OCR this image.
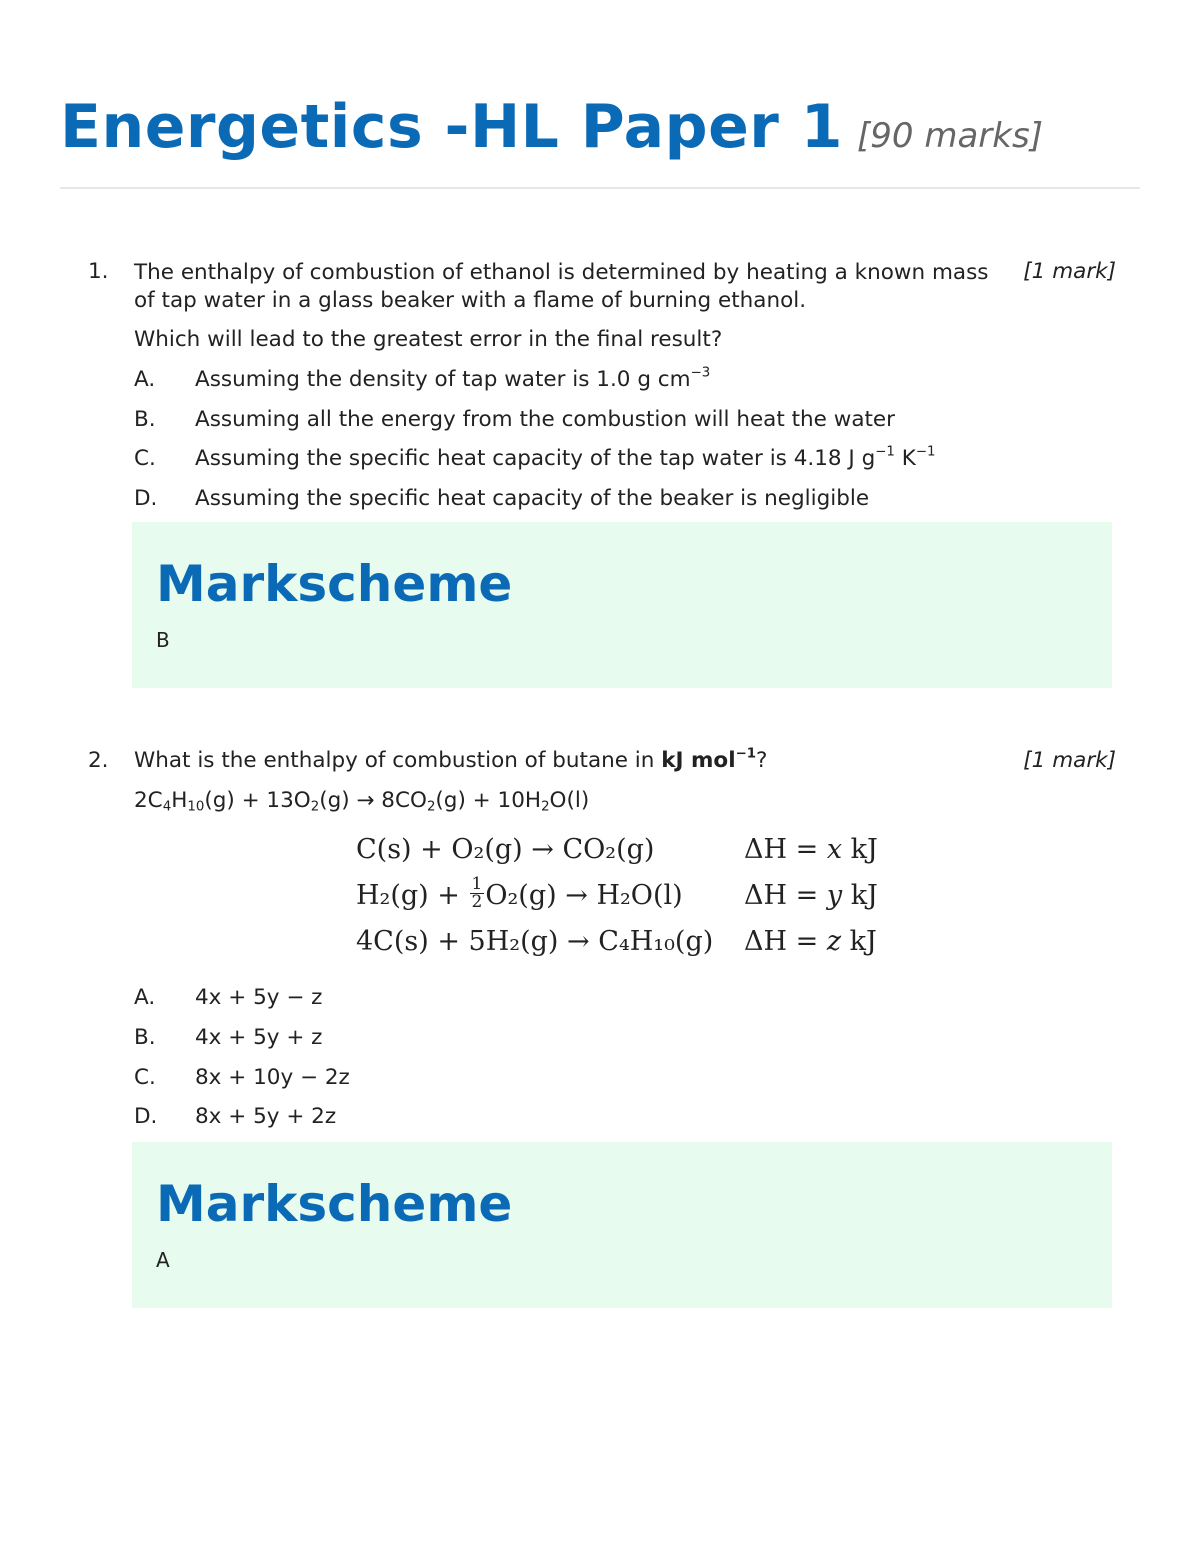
Energetics -HL Paper 1 [90 marks]
1. The enthalpy of combustion of ethanol is determined by heating a known mass of tap water in a glass beaker with a flame of burning ethanol.
[1 mark]
Which will lead to the greatest error in the final result?
A. Assuming the density of tap water is 1.0 g $cm^{-3}$
B. Assuming all the energy from the combustion will heat the water
C. Assuming the specific heat capacity of the tap water is 4.18 J $g^{-1}$ $K^{-1}$
D. Assuming the specific heat capacity of the beaker is negligible
Markscheme
B
2. What is the enthalpy of combustion of butane in kJ mol$^{-1}$?	[1 mark]
$2C_4H_{10}(g) + 13O_2(g) \to 8CO_2(g) + 10H_2O(l)$
C(s) + O₂(g) → CO₂(g)	ΔH = x kJ
$H_2(g) + \frac{1}{2} O_2(g) \to H_2O(l) \Delta H = y$ kJ
4C(s) + 5H₂(g) → C₄H₁₀(g) ΔH = z kJ
A. 4x + 5y − z
B. 4x + 5y + z
C. 8x + 10y − 2z
D. 8x + 5y + 2z
Markscheme
A
